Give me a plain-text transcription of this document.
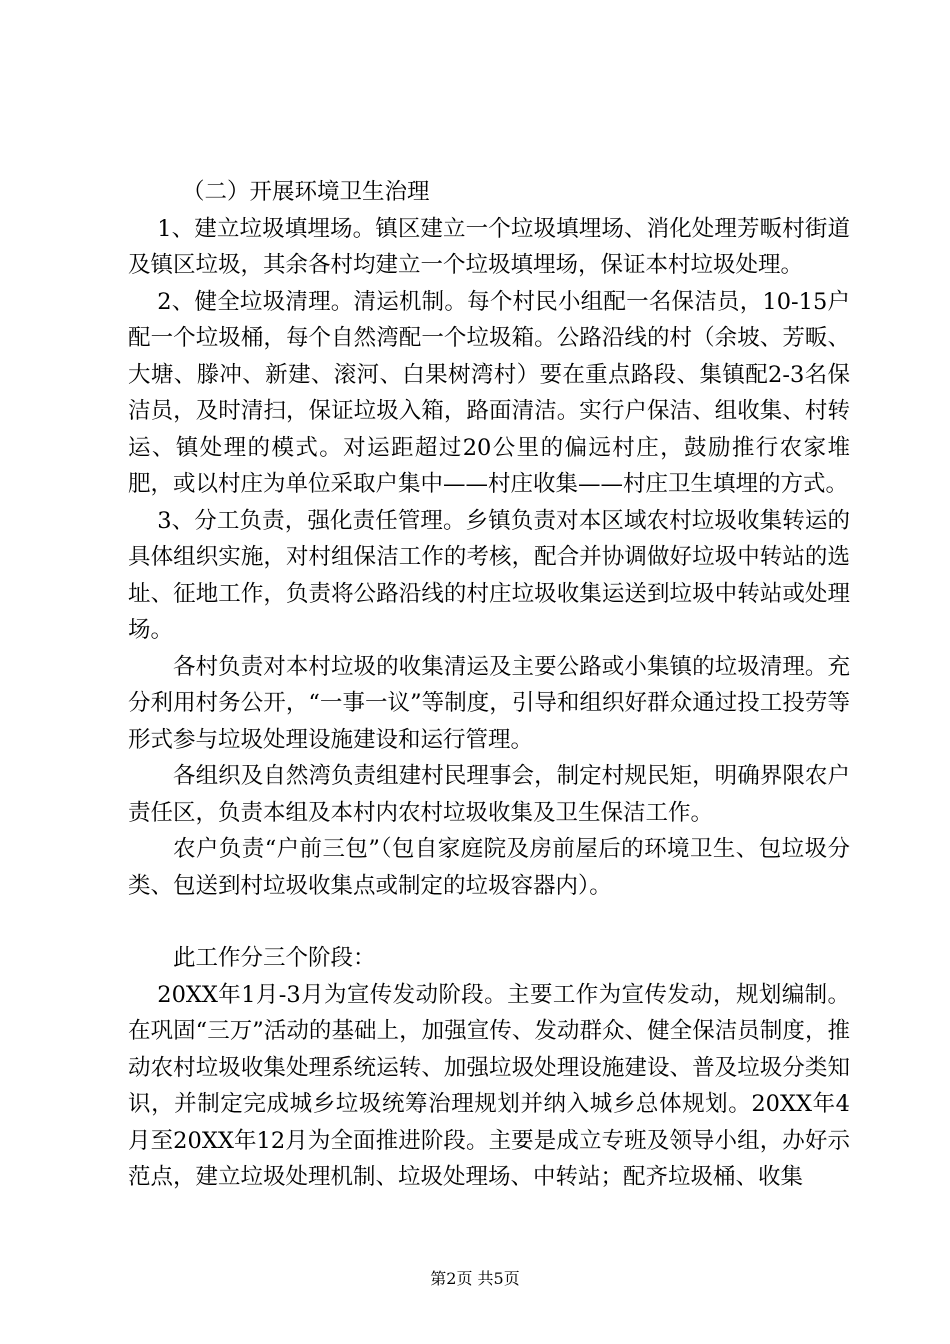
（二）开展环境卫生治理

1、建立垃圾填埋场。镇区建立一个垃圾填埋场、消化处理芳畈村街道及镇区垃圾，其余各村均建立一个垃圾填埋场，保证本村垃圾处理。

2、健全垃圾清理。清运机制。每个村民小组配一名保洁员，10-15户配一个垃圾桶，每个自然湾配一个垃圾箱。公路沿线的村（余坡、芳畈、大塘、滕冲、新建、滚河、白果树湾村）要在重点路段、集镇配2-3名保洁员，及时清扫，保证垃圾入箱，路面清洁。实行户保洁、组收集、村转运、镇处理的模式。对运距超过20公里的偏远村庄，鼓励推行农家堆肥，或以村庄为单位采取户集中——村庄收集——村庄卫生填埋的方式。

3、分工负责，强化责任管理。乡镇负责对本区域农村垃圾收集转运的具体组织实施，对村组保洁工作的考核，配合并协调做好垃圾中转站的选址、征地工作，负责将公路沿线的村庄垃圾收集运送到垃圾中转站或处理场。

各村负责对本村垃圾的收集清运及主要公路或小集镇的垃圾清理。充分利用村务公开，“一事一议”等制度，引导和组织好群众通过投工投劳等形式参与垃圾处理设施建设和运行管理。

各组织及自然湾负责组建村民理事会，制定村规民矩，明确界限农户责任区，负责本组及本村内农村垃圾收集及卫生保洁工作。

农户负责“户前三包”（包自家庭院及房前屋后的环境卫生、包垃圾分类、包送到村垃圾收集点或制定的垃圾容器内）。

此工作分三个阶段：

20XX年1月-3月为宣传发动阶段。主要工作为宣传发动，规划编制。在巩固“三万”活动的基础上，加强宣传、发动群众、健全保洁员制度，推动农村垃圾收集处理系统运转、加强垃圾处理设施建设、普及垃圾分类知识，并制定完成城乡垃圾统筹治理规划并纳入城乡总体规划。20XX年4月至20XX年12月为全面推进阶段。主要是成立专班及领导小组，办好示范点，建立垃圾处理机制、垃圾处理场、中转站；配齐垃圾桶、收集

第2页 共5页
